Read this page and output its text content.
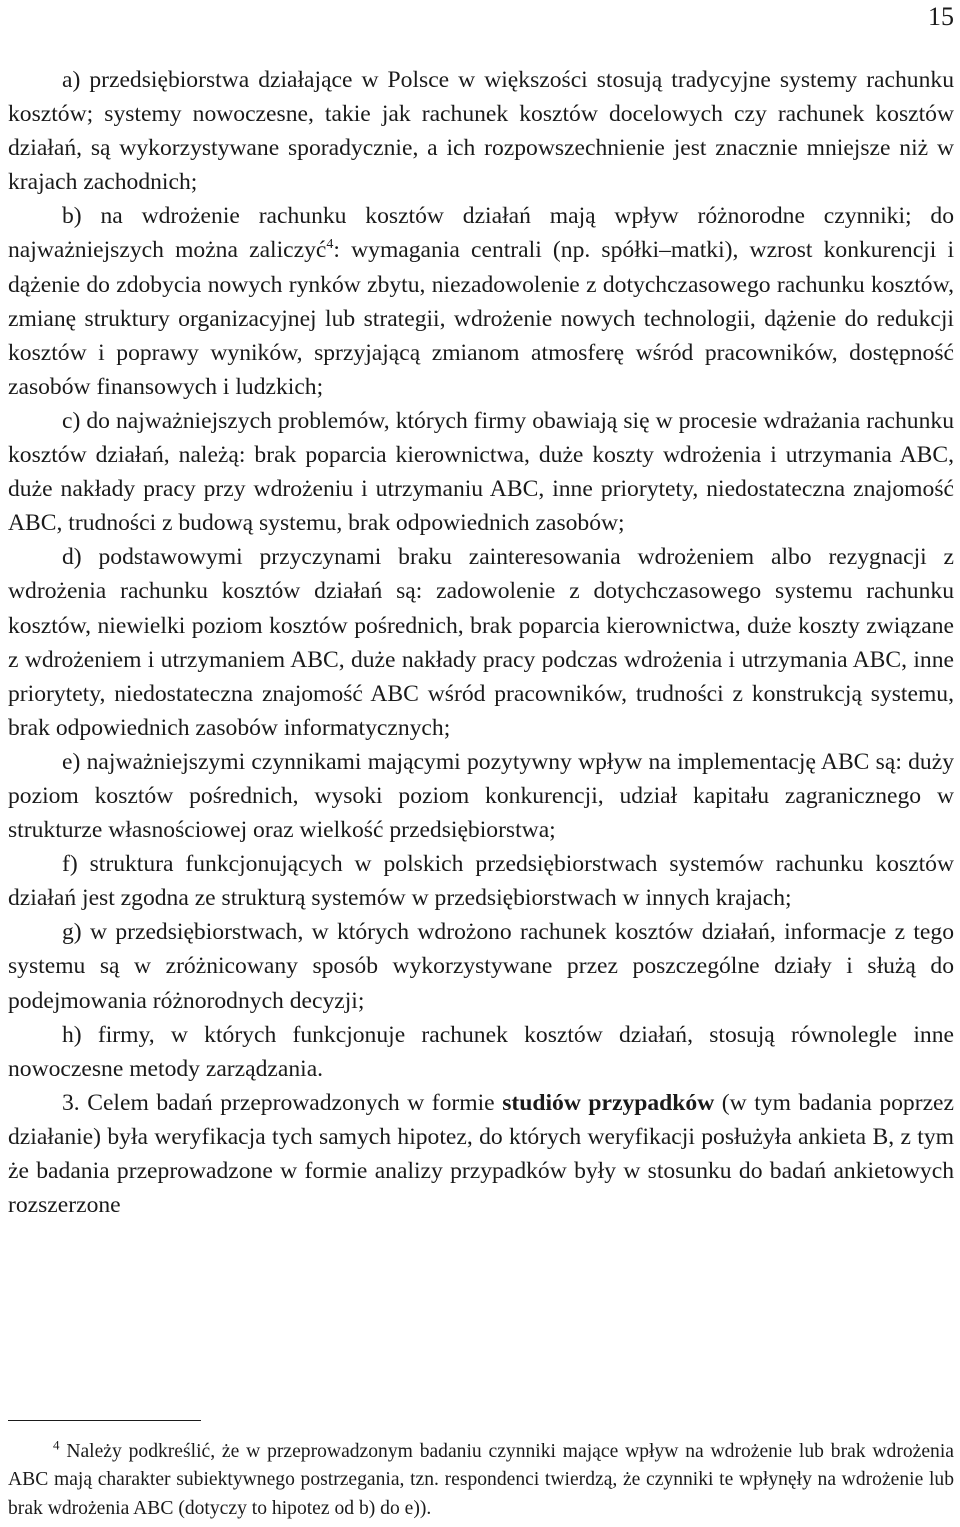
15

a) przedsiębiorstwa działające w Polsce w większości stosują tradycyjne systemy rachunku kosztów; systemy nowoczesne, takie jak rachunek kosztów docelowych czy rachunek kosztów działań, są wykorzystywane sporadycznie, a ich rozpowszechnienie jest znacznie mniejsze niż w krajach zachodnich;

b) na wdrożenie rachunku kosztów działań mają wpływ różnorodne czynniki; do najważniejszych można zaliczyć$^4$: wymagania centrali (np. spółki–matki), wzrost konkurencji i dążenie do zdobycia nowych rynków zbytu, niezadowolenie z dotychczasowego rachunku kosztów, zmianę struktury organizacyjnej lub strategii, wdrożenie nowych technologii, dążenie do redukcji kosztów i poprawy wyników, sprzyjającą zmianom atmosferę wśród pracowników, dostępność zasobów finansowych i ludzkich;

c) do najważniejszych problemów, których firmy obawiają się w procesie wdrażania rachunku kosztów działań, należą: brak poparcia kierownictwa, duże koszty wdrożenia i utrzymania ABC, duże nakłady pracy przy wdrożeniu i utrzymaniu ABC, inne priorytety, niedostateczna znajomość ABC, trudności z budową systemu, brak odpowiednich zasobów;

d) podstawowymi przyczynami braku zainteresowania wdrożeniem albo rezygnacji z wdrożenia rachunku kosztów działań są: zadowolenie z dotychczasowego systemu rachunku kosztów, niewielki poziom kosztów pośrednich, brak poparcia kierownictwa, duże koszty związane z wdrożeniem i utrzymaniem ABC, duże nakłady pracy podczas wdrożenia i utrzymania ABC, inne priorytety, niedostateczna znajomość ABC wśród pracowników, trudności z konstrukcją systemu, brak odpowiednich zasobów informatycznych;

e) najważniejszymi czynnikami mającymi pozytywny wpływ na implementację ABC są: duży poziom kosztów pośrednich, wysoki poziom konkurencji, udział kapitału zagranicznego w strukturze własnościowej oraz wielkość przedsiębiorstwa;

f) struktura funkcjonujących w polskich przedsiębiorstwach systemów rachunku kosztów działań jest zgodna ze strukturą systemów w przedsiębiorstwach w innych krajach;

g) w przedsiębiorstwach, w których wdrożono rachunek kosztów działań, informacje z tego systemu są w zróżnicowany sposób wykorzystywane przez poszczególne działy i służą do podejmowania różnorodnych decyzji;

h) firmy, w których funkcjonuje rachunek kosztów działań, stosują równolegle inne nowoczesne metody zarządzania.

3. Celem badań przeprowadzonych w formie studiów przypadków (w tym badania poprzez działanie) była weryfikacja tych samych hipotez, do których weryfikacji posłużyła ankieta B, z tym że badania przeprowadzone w formie analizy przypadków były w stosunku do badań ankietowych rozszerzone

$^4$ Należy podkreślić, że w przeprowadzonym badaniu czynniki mające wpływ na wdrożenie lub brak wdrożenia ABC mają charakter subiektywnego postrzegania, tzn. respondenci twierdzą, że czynniki te wpłynęły na wdrożenie lub brak wdrożenia ABC (dotyczy to hipotez od b) do e)).
